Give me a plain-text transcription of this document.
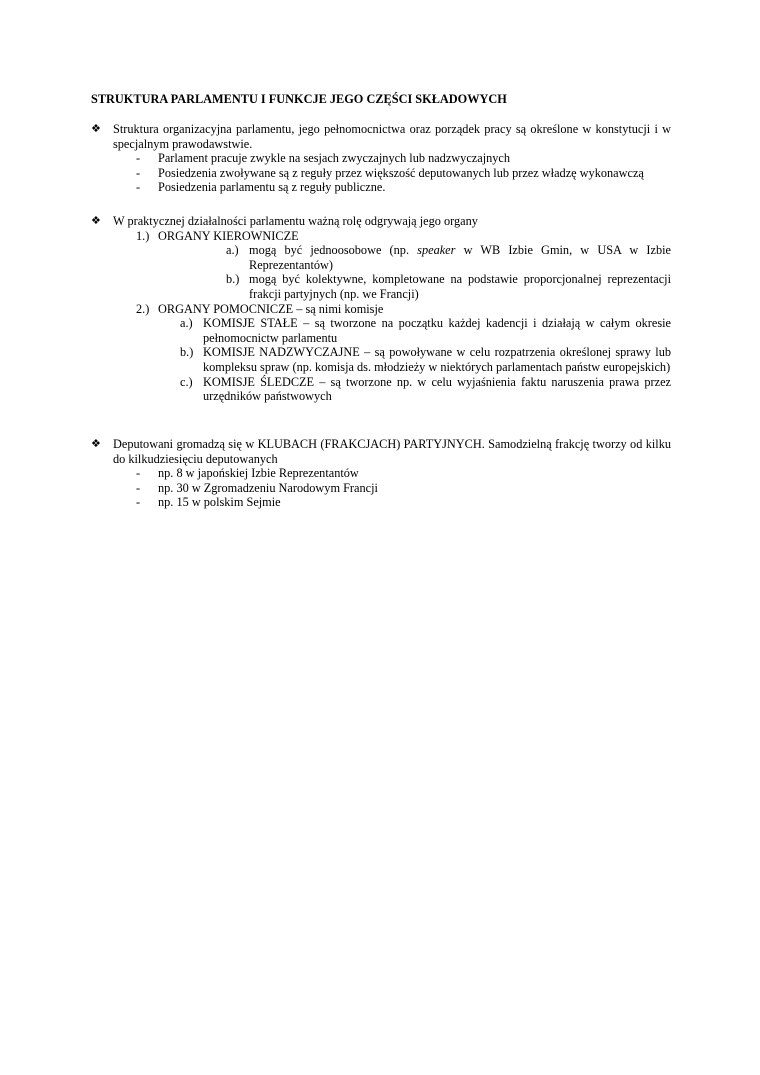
STRUKTURA PARLAMENTU I FUNKCJE JEGO CZĘŚCI SKŁADOWYCH
❖ Struktura organizacyjna parlamentu, jego pełnomocnictwa oraz porządek pracy są określone w konstytucji i w specjalnym prawodawstwie.
- Parlament pracuje zwykle na sesjach zwyczajnych lub nadzwyczajnych
- Posiedzenia zwoływane są z reguły przez większość deputowanych lub przez władzę wykonawczą
- Posiedzenia parlamentu są z reguły publiczne.
❖ W praktycznej działalności parlamentu ważną rolę odgrywają jego organy
1.) ORGANY KIEROWNICZE
a.) mogą być jednoosobowe (np. speaker w WB Izbie Gmin, w USA w Izbie Reprezentantów)
b.) mogą być kolektywne, kompletowane na podstawie proporcjonalnej reprezentacji frakcji partyjnych (np. we Francji)
2.) ORGANY POMOCNICZE – są nimi komisje
a.) KOMISJE STAŁE – są tworzone na początku każdej kadencji i działają w całym okresie pełnomocnictw parlamentu
b.) KOMISJE NADZWYCZAJNE – są powoływane w celu rozpatrzenia określonej sprawy lub kompleksu spraw (np. komisja ds. młodzieży w niektórych parlamentach państw europejskich)
c.) KOMISJE ŚLEDCZE – są tworzone np. w celu wyjaśnienia faktu naruszenia prawa przez urzędników państwowych
❖ Deputowani gromadzą się w KLUBACH (FRAKCJACH) PARTYJNYCH. Samodzielną frakcję tworzy od kilku do kilkudziesięciu deputowanych
- np. 8 w japońskiej Izbie Reprezentantów
- np. 30 w Zgromadzeniu Narodowym Francji
- np. 15 w polskim Sejmie
